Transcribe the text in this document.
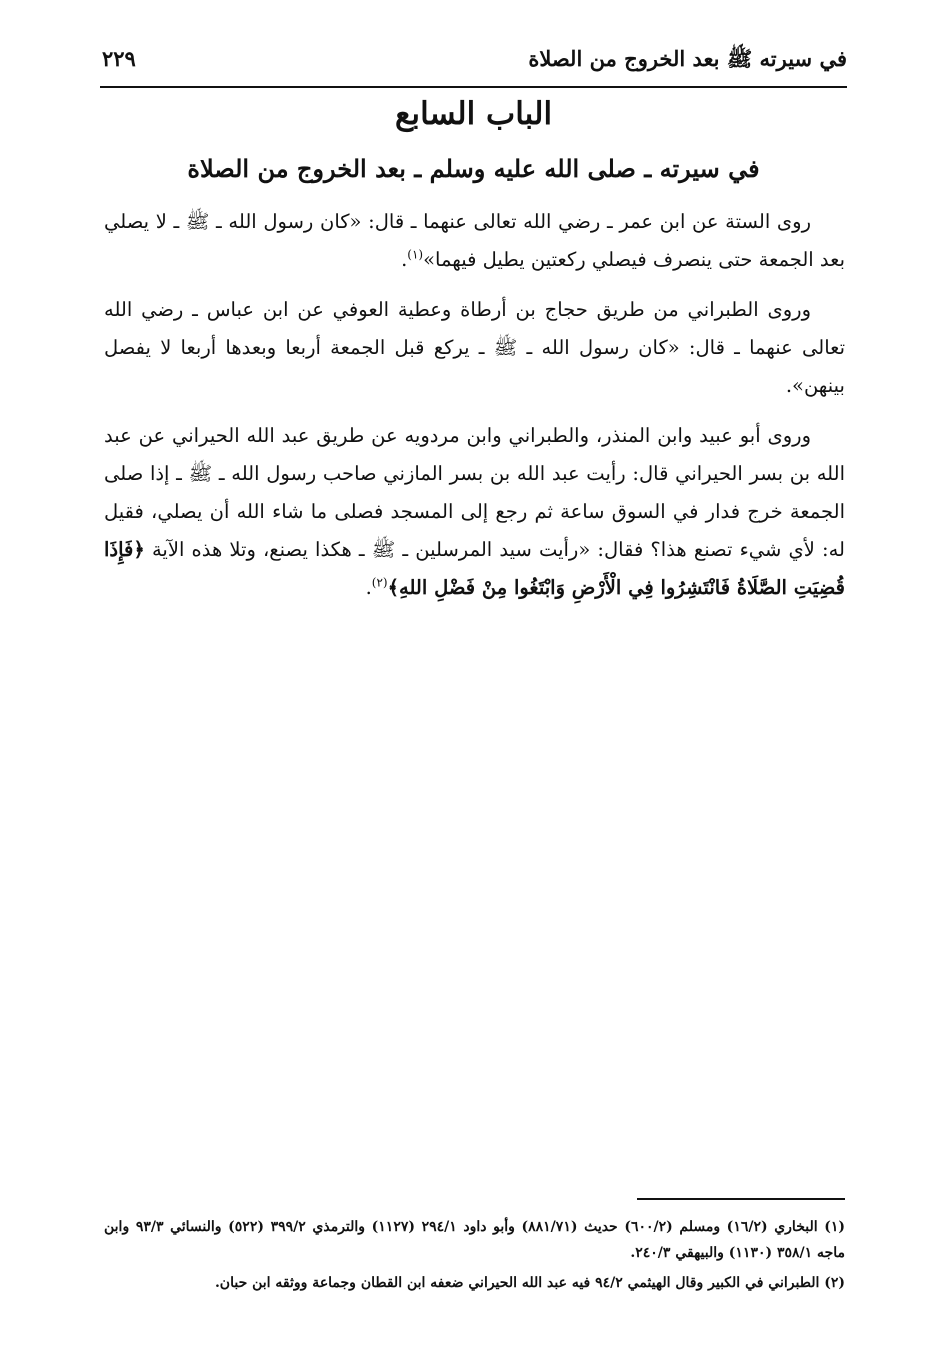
في سيرته ﷺ بعد الخروج من الصلاة
٢٢٩
الباب السابع
في سيرته ـ صلى الله عليه وسلم ـ بعد الخروج من الصلاة

روى الستة عن ابن عمر ـ رضي الله تعالى عنهما ـ قال: «كان رسول الله ـ ﷺ ـ لا يصلي بعد الجمعة حتى ينصرف فيصلي ركعتين يطيل فيهما»$^{(١)}$.

وروى الطبراني من طريق حجاج بن أرطاة وعطية العوفي عن ابن عباس ـ رضي الله تعالى عنهما ـ قال: «كان رسول الله ـ ﷺ ـ يركع قبل الجمعة أربعا وبعدها أربعا لا يفصل بينهن».

وروى أبو عبيد وابن المنذر، والطبراني وابن مردويه عن طريق عبد الله الحيراني عن عبد الله بن بسر الحيراني قال: رأيت عبد الله بن بسر المازني صاحب رسول الله ـ ﷺ ـ إذا صلى الجمعة خرج فدار في السوق ساعة ثم رجع إلى المسجد فصلى ما شاء الله أن يصلي، فقيل له: لأي شيء تصنع هذا؟ فقال: «رأيت سيد المرسلين ـ ﷺ ـ هكذا يصنع، وتلا هذه الآية ﴿فَإِذَا قُضِيَتِ الصَّلَاةُ فَانْتَشِرُوا فِي الْأَرْضِ وَابْتَغُوا مِنْ فَضْلِ اللهِ﴾$^{(٢)}$.

(١) البخاري (١٦/٢) ومسلم (٦٠٠/٢) حديث (٨٨١/٧١) وأبو داود ٢٩٤/١ (١١٢٧) والترمذي ٣٩٩/٢ (٥٢٢) والنسائي ٩٣/٣ وابن ماجه ٣٥٨/١ (١١٣٠) والبيهقي ٢٤٠/٣.

(٢) الطبراني في الكبير وقال الهيثمي ٩٤/٢ فيه عبد الله الحيراني ضعفه ابن القطان وجماعة ووثقه ابن حبان.
